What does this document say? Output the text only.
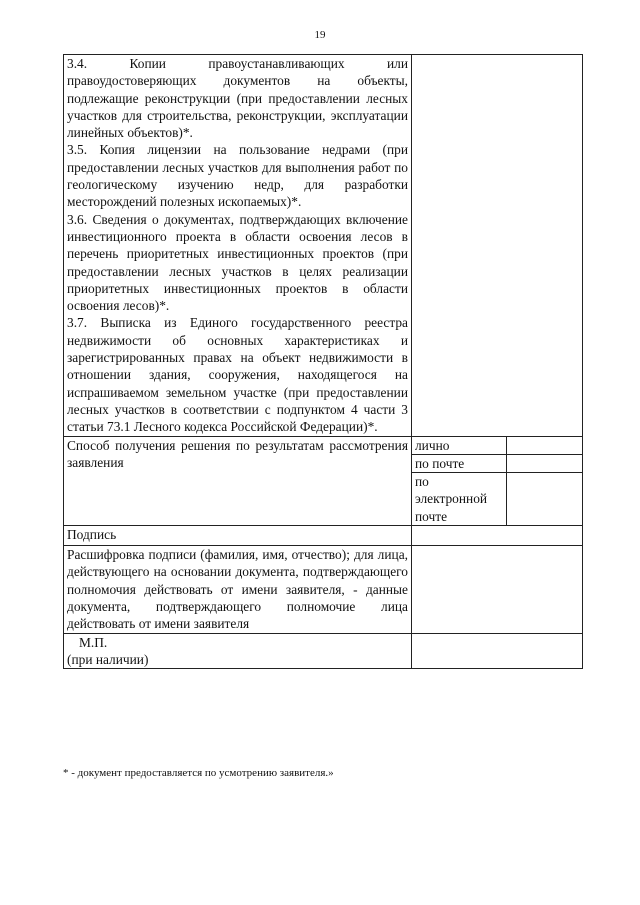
19
3.4. Копии правоустанавливающих или правоудостоверяющих документов на объекты, подлежащие реконструкции (при предоставлении лесных участков для строительства, реконструкции, эксплуатации линейных объектов)*.
3.5. Копия лицензии на пользование недрами (при предоставлении лесных участков для выполнения работ по геологическому изучению недр, для разработки месторождений полезных ископаемых)*.
3.6. Сведения о документах, подтверждающих включение инвестиционного проекта в области освоения лесов в перечень приоритетных инвестиционных проектов (при предоставлении лесных участков в целях реализации приоритетных инвестиционных проектов в области освоения лесов)*.
3.7. Выписка из Единого государственного реестра недвижимости об основных характеристиках и зарегистрированных правах на объект недвижимости в отношении здания, сооружения, находящегося на испрашиваемом земельном участке (при предоставлении лесных участков в соответствии с подпунктом 4 части 3 статьи 73.1 Лесного кодекса Российской Федерации)*.		

Способ получения решения по результатам рассмотрения заявления	лично	
	по почте	
	по электронной почте	
Подпись		

Расшифровка подписи (фамилия, имя, отчество); для лица, действующего на основании документа, подтверждающего полномочия действовать от имени заявителя, - данные документа, подтверждающего полномочие лица действовать от имени заявителя		

М.П.
(при наличии)		

* - документ предоставляется по усмотрению заявителя.»
